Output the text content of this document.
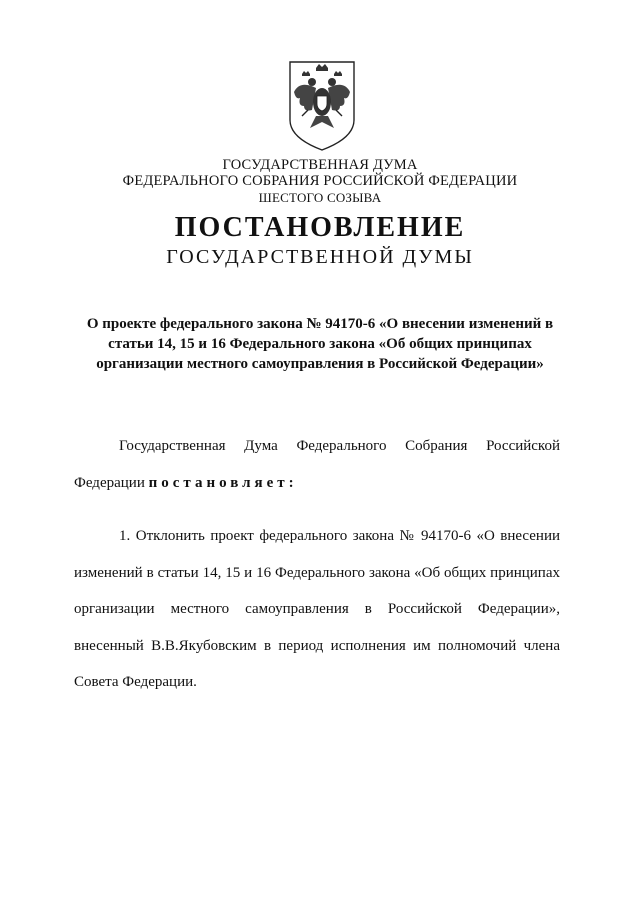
ГОСУДАРСТВЕННАЯ ДУМА
ФЕДЕРАЛЬНОГО СОБРАНИЯ РОССИЙСКОЙ ФЕДЕРАЦИИ
ШЕСТОГО СОЗЫВА
ПОСТАНОВЛЕНИЕ
ГОСУДАРСТВЕННОЙ ДУМЫ
О проекте федерального закона № 94170-6 «О внесении изменений в статьи 14, 15 и 16 Федерального закона «Об общих принципах организации местного самоуправления в Российской Федерации»

Государственная Дума Федерального Собрания Российской Федерации постановляет:

1. Отклонить проект федерального закона № 94170-6 «О внесении изменений в статьи 14, 15 и 16 Федерального закона «Об общих принципах организации местного самоуправления в Российской Федерации», внесенный В.В.Якубовским в период исполнения им полномочий члена Совета Федерации.
